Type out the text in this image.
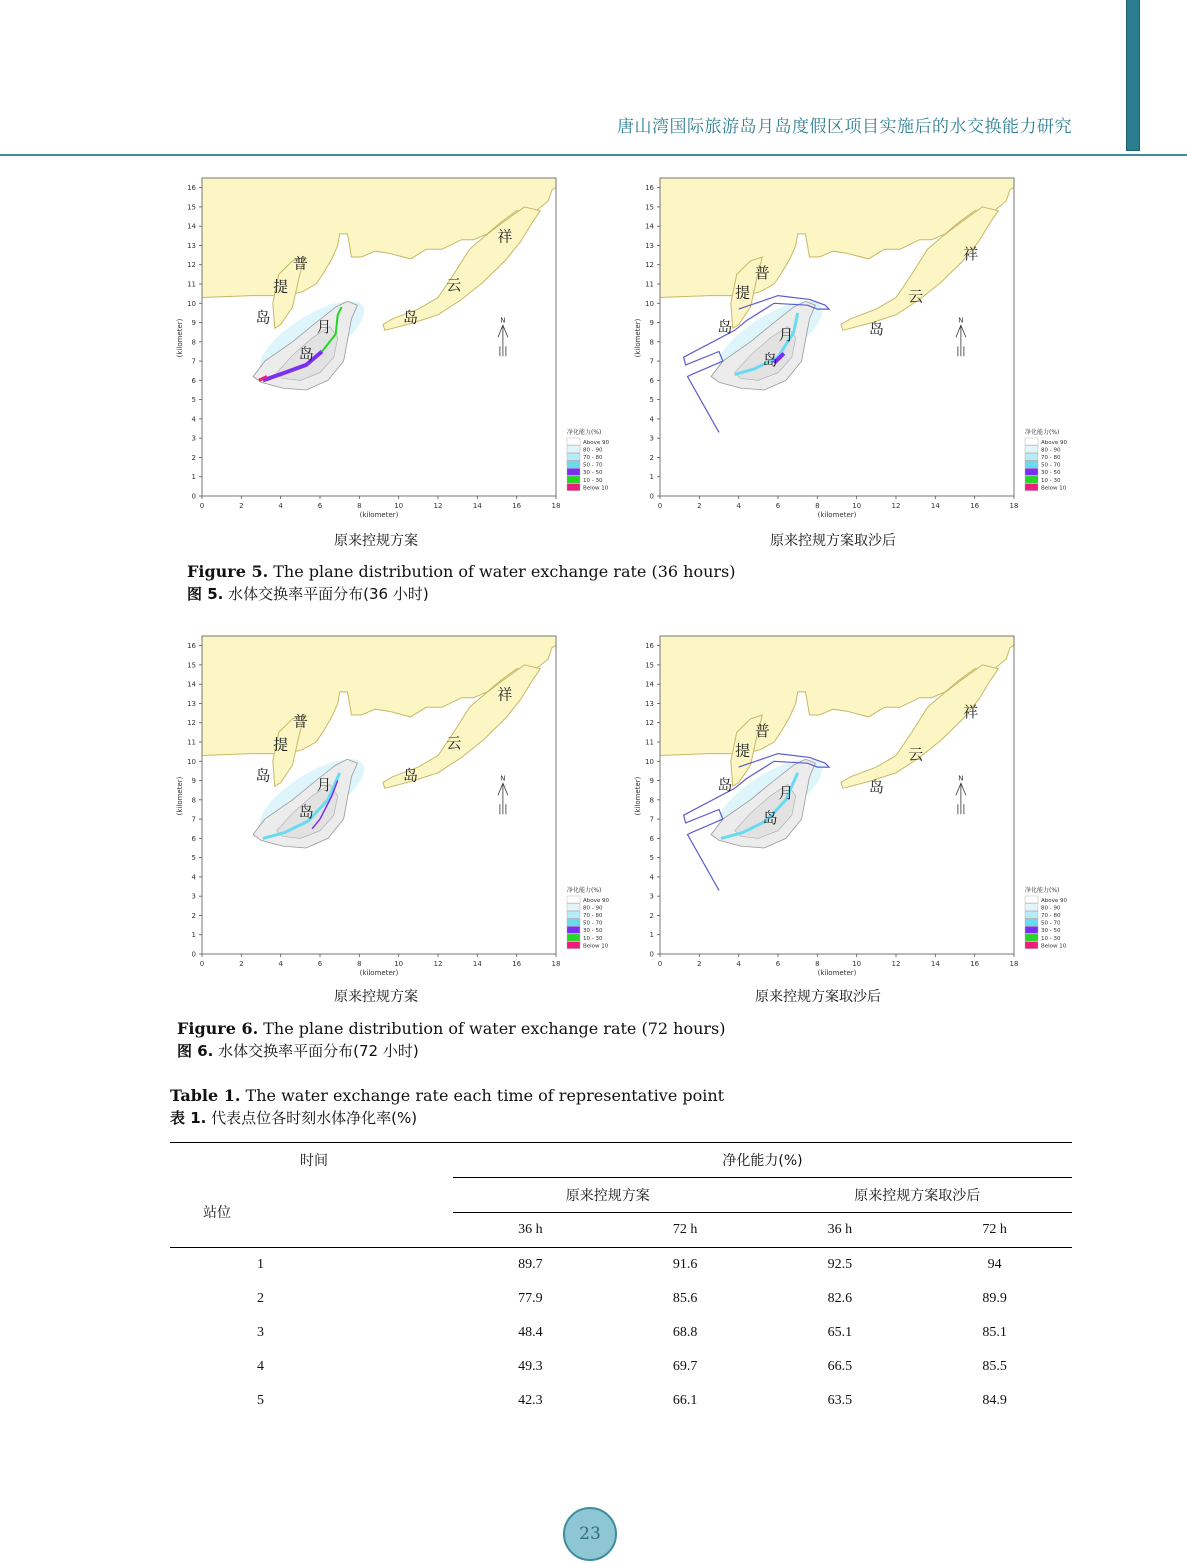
唐山湾国际旅游岛月岛度假区项目实施后的水交换能力研究
0	2	4	6	8	10	12	14	16	18
0
1
2
3
4
5
6
7
8
9
10
11
12
13
14
15
16
(kilometer)
(kilometer)
普
提
岛
月
岛
祥
云
岛	N
净化能力(%)
Above 90
80 - 90
70 - 80
50 - 70
30 - 50
10 - 30
Below 10
0	2	4	6	8	10	12	14	16	18
0
1
2
3
4
5
6
7
8
9
10
11
12
13
14
15
16
(kilometer)
(kilometer)
普
提
岛	月
岛
祥
云
岛	N
净化能力(%)
Above 90
80 - 90
70 - 80
50 - 70
30 - 50
10 - 30
Below 10
原来控规方案	原来控规方案取沙后
Figure 5. The plane distribution of water exchange rate (36 hours)
图 5. 水体交换率平面分布(36 小时)
0	2	4	6	8	10	12	14	16	18
0
1
2
3
4
5
6
7
8
9
10
11
12
13
14
15
16
(kilometer)
(kilometer)
普
提
岛
月
岛
祥
云
岛	N
净化能力(%)
Above 90
80 - 90
70 - 80
50 - 70
30 - 50
10 - 30
Below 10
0	2	4	6	8	10	12	14	16	18
0
1
2
3
4
5
6
7
8
9
10
11
12
13
14
15
16
(kilometer)
(kilometer)
普
提
岛	月
岛
祥
云
岛	N
净化能力(%)
Above 90
80 - 90
70 - 80
50 - 70
30 - 50
10 - 30
Below 10
原来控规方案	原来控规方案取沙后
Figure 6. The plane distribution of water exchange rate (72 hours)
图 6. 水体交换率平面分布(72 小时)
Table 1. The water exchange rate each time of representative point
表 1. 代表点位各时刻水体净化率(%)
时间	净化能力(%)			
站位	原来控规方案		原来控规方案取沙后	
	36 h	72 h	36 h	72 h
1	89.7	91.6	92.5	94
2	77.9	85.6	82.6	89.9
3	48.4	68.8	65.1	85.1
4	49.3	69.7	66.5	85.5
5	42.3	66.1	63.5	84.9
23
